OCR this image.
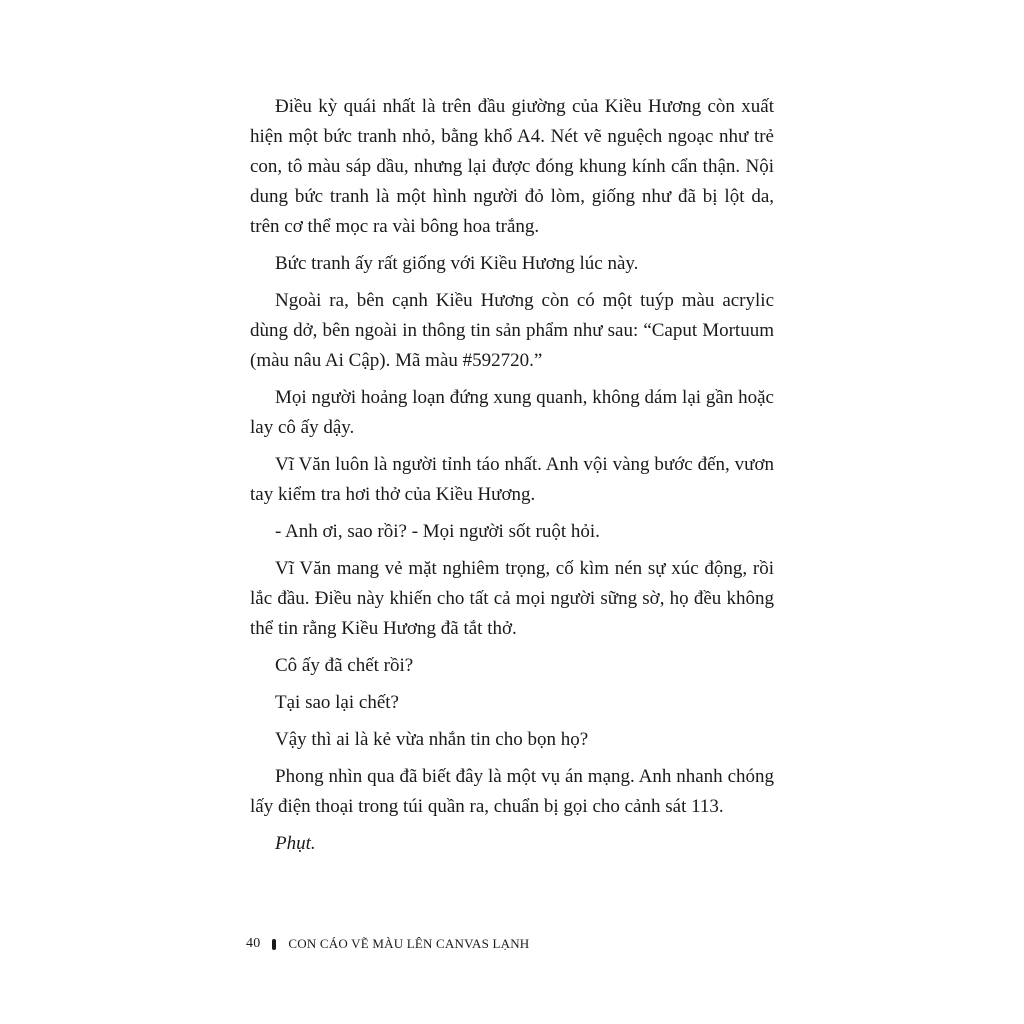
Điều kỳ quái nhất là trên đầu giường của Kiều Hương còn xuất hiện một bức tranh nhỏ, bằng khổ A4. Nét vẽ nguệch ngoạc như trẻ con, tô màu sáp dầu, nhưng lại được đóng khung kính cẩn thận. Nội dung bức tranh là một hình người đỏ lòm, giống như đã bị lột da, trên cơ thể mọc ra vài bông hoa trắng.

Bức tranh ấy rất giống với Kiều Hương lúc này.

Ngoài ra, bên cạnh Kiều Hương còn có một tuýp màu acrylic dùng dở, bên ngoài in thông tin sản phẩm như sau: “Caput Mortuum (màu nâu Ai Cập). Mã màu #592720.”

Mọi người hoảng loạn đứng xung quanh, không dám lại gần hoặc lay cô ấy dậy.

Vĩ Văn luôn là người tỉnh táo nhất. Anh vội vàng bước đến, vươn tay kiểm tra hơi thở của Kiều Hương.

- Anh ơi, sao rồi? - Mọi người sốt ruột hỏi.

Vĩ Văn mang vẻ mặt nghiêm trọng, cố kìm nén sự xúc động, rồi lắc đầu. Điều này khiến cho tất cả mọi người sững sờ, họ đều không thể tin rằng Kiều Hương đã tắt thở.

Cô ấy đã chết rồi?

Tại sao lại chết?

Vậy thì ai là kẻ vừa nhắn tin cho bọn họ?

Phong nhìn qua đã biết đây là một vụ án mạng. Anh nhanh chóng lấy điện thoại trong túi quần ra, chuẩn bị gọi cho cảnh sát 113.

Phụt.

40 CON CÁO VẼ MÀU LÊN CANVAS LẠNH
